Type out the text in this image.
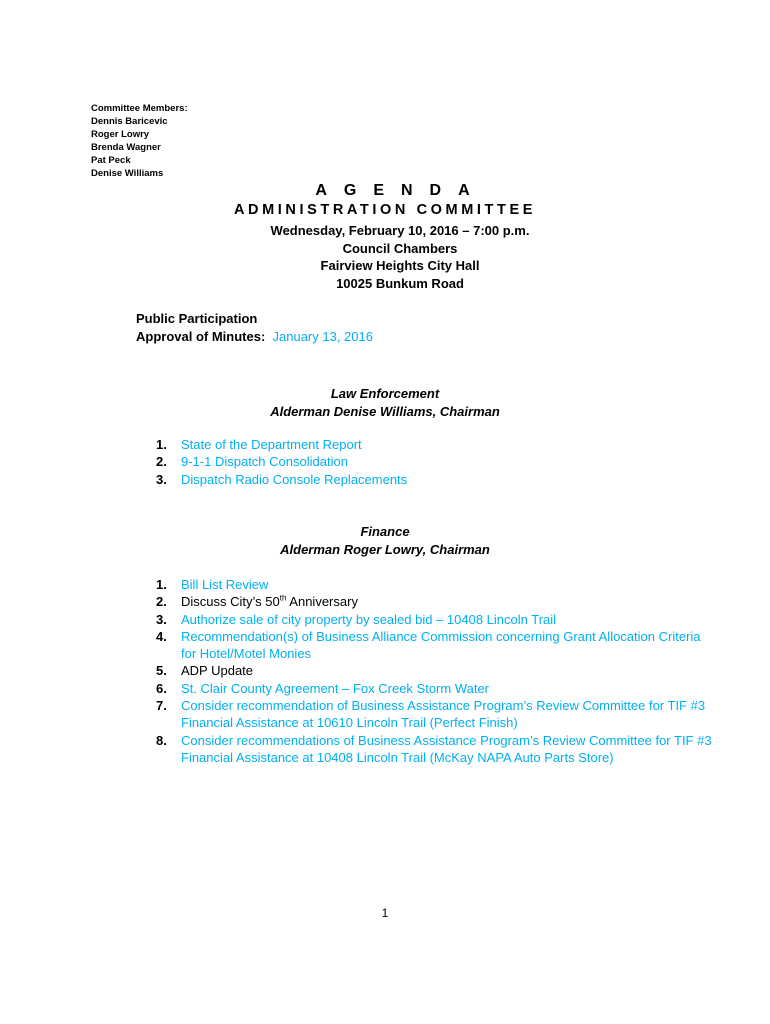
Committee Members:
Dennis Baricevic
Roger Lowry
Brenda Wagner
Pat Peck
Denise Williams
AGENDA
ADMINISTRATION COMMITTEE
Wednesday, February 10, 2016 – 7:00 p.m.
Council Chambers
Fairview Heights City Hall
10025 Bunkum Road
Public Participation
Approval of Minutes: January 13, 2016
Law Enforcement
Alderman Denise Williams, Chairman
1. State of the Department Report
2. 9-1-1 Dispatch Consolidation
3. Dispatch Radio Console Replacements
Finance
Alderman Roger Lowry, Chairman
1. Bill List Review
2. Discuss City’s 50th Anniversary
3. Authorize sale of city property by sealed bid – 10408 Lincoln Trail
4. Recommendation(s) of Business Alliance Commission concerning Grant Allocation Criteria for Hotel/Motel Monies
5. ADP Update
6. St. Clair County Agreement – Fox Creek Storm Water
7. Consider recommendation of Business Assistance Program’s Review Committee for TIF #3 Financial Assistance at 10610 Lincoln Trail (Perfect Finish)
8. Consider recommendations of Business Assistance Program’s Review Committee for TIF #3 Financial Assistance at 10408 Lincoln Trail (McKay NAPA Auto Parts Store)
1
